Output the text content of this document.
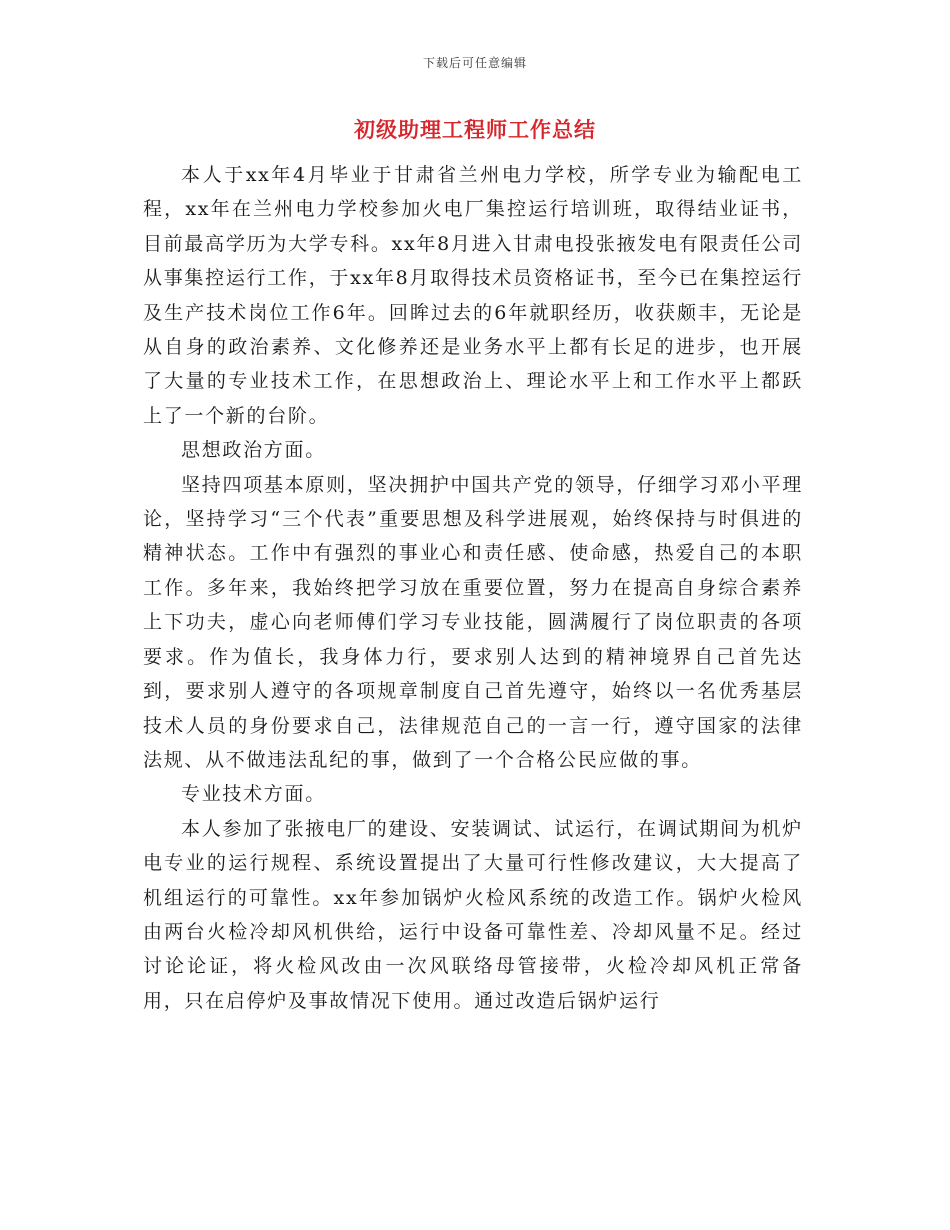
下载后可任意编辑
初级助理工程师工作总结

本人于xx年4月毕业于甘肃省兰州电力学校，所学专业为输配电工程，xx年在兰州电力学校参加火电厂集控运行培训班，取得结业证书，目前最高学历为大学专科。xx年8月进入甘肃电投张掖发电有限责任公司从事集控运行工作，于xx年8月取得技术员资格证书，至今已在集控运行及生产技术岗位工作6年。回眸过去的6年就职经历，收获颇丰，无论是从自身的政治素养、文化修养还是业务水平上都有长足的进步，也开展了大量的专业技术工作，在思想政治上、理论水平上和工作水平上都跃上了一个新的台阶。

思想政治方面。

坚持四项基本原则，坚决拥护中国共产党的领导，仔细学习邓小平理论，坚持学习“三个代表”重要思想及科学进展观，始终保持与时俱进的精神状态。工作中有强烈的事业心和责任感、使命感，热爱自己的本职工作。多年来，我始终把学习放在重要位置，努力在提高自身综合素养上下功夫，虚心向老师傅们学习专业技能，圆满履行了岗位职责的各项要求。作为值长，我身体力行，要求别人达到的精神境界自己首先达到，要求别人遵守的各项规章制度自己首先遵守，始终以一名优秀基层技术人员的身份要求自己，法律规范自己的一言一行，遵守国家的法律法规、从不做违法乱纪的事，做到了一个合格公民应做的事。

专业技术方面。

本人参加了张掖电厂的建设、安装调试、试运行，在调试期间为机炉电专业的运行规程、系统设置提出了大量可行性修改建议，大大提高了机组运行的可靠性。xx年参加锅炉火检风系统的改造工作。锅炉火检风由两台火检冷却风机供给，运行中设备可靠性差、冷却风量不足。经过讨论论证，将火检风改由一次风联络母管接带，火检冷却风机正常备用，只在启停炉及事故情况下使用。通过改造后锅炉运行
